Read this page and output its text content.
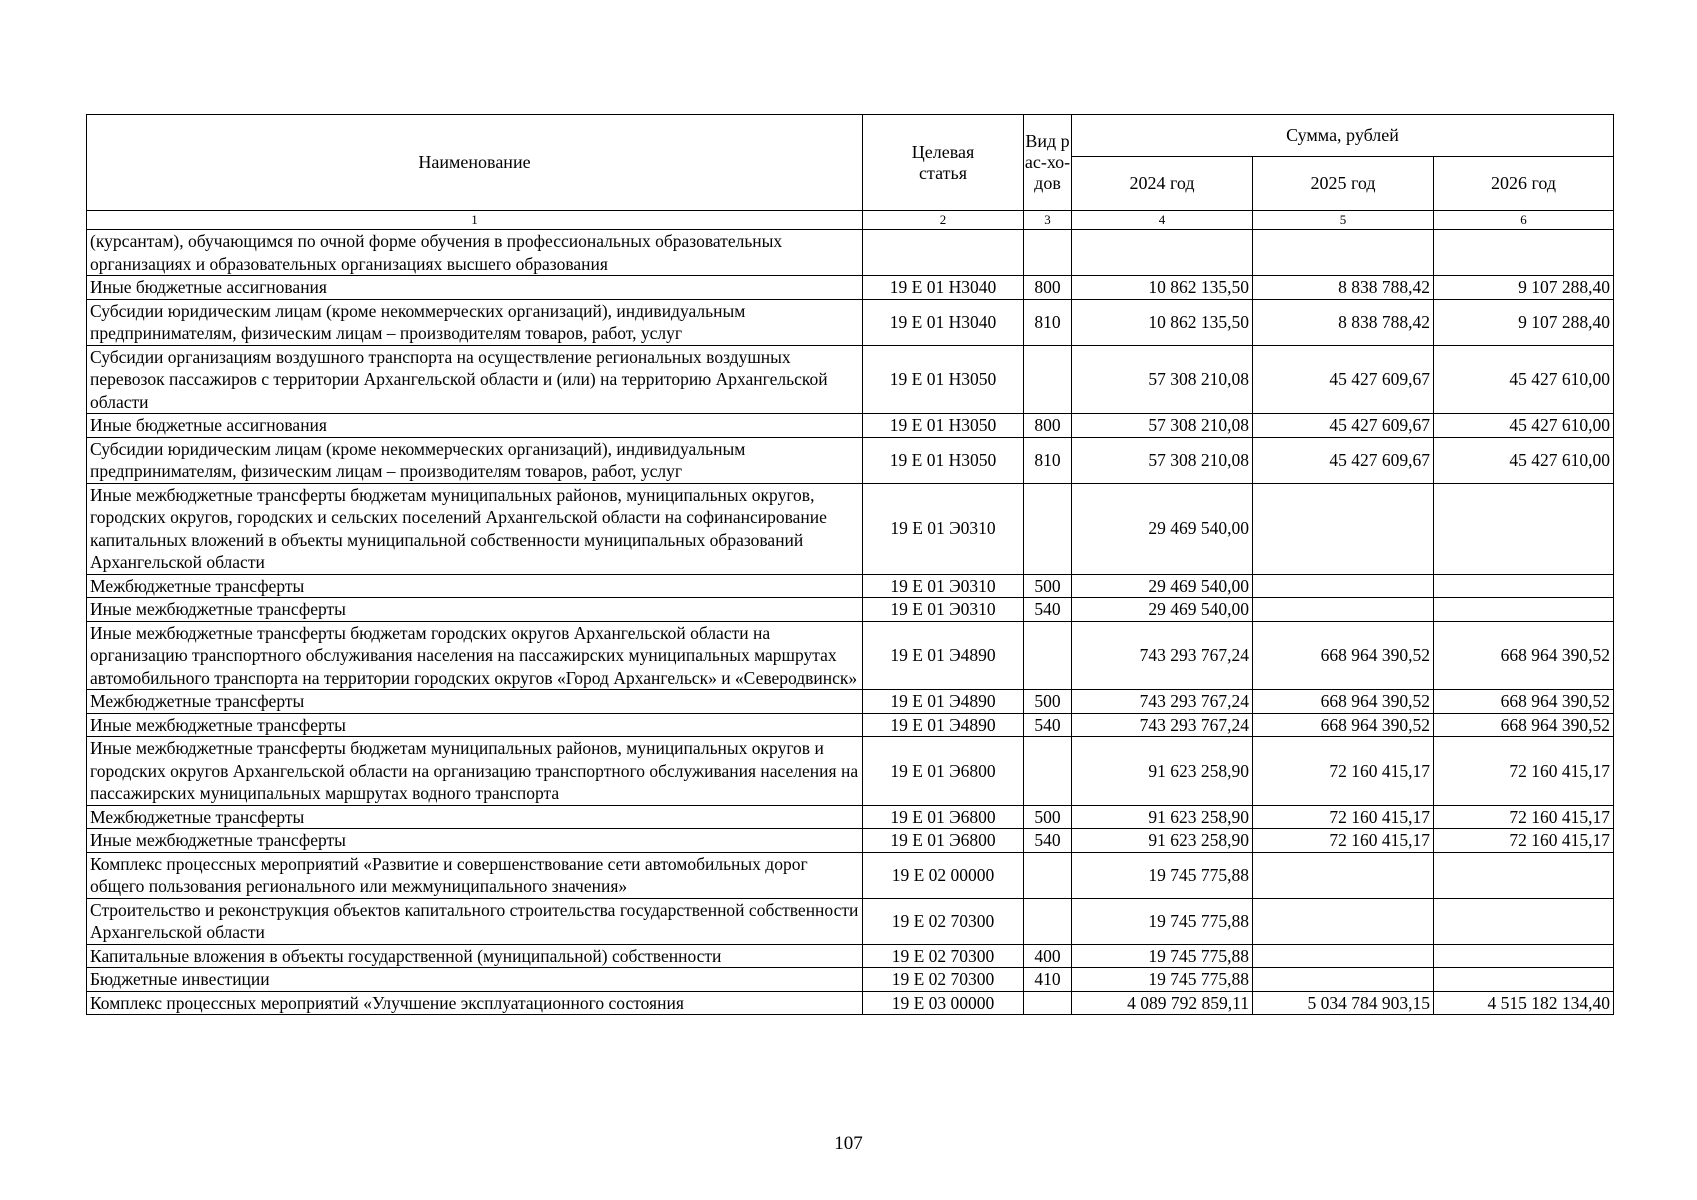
Наименование	Целевая статья	Вид рас-хо-дов	Сумма, рублей		
			2024 год	2025 год	2026 год
1	2	3	4	5	6
(курсантам), обучающимся по очной форме обучения в профессиональных образовательных организациях и образовательных организациях высшего образования					
Иные бюджетные ассигнования	19 Е 01 Н3040	800	10 862 135,50	8 838 788,42	9 107 288,40
Субсидии юридическим лицам (кроме некоммерческих организаций), индивидуальным предпринимателям, физическим лицам – производителям товаров, работ, услуг	19 Е 01 Н3040	810	10 862 135,50	8 838 788,42	9 107 288,40
Субсидии организациям воздушного транспорта на осуществление региональных воздушных перевозок пассажиров с территории Архангельской области и (или) на территорию Архангельской области	19 Е 01 Н3050		57 308 210,08	45 427 609,67	45 427 610,00
Иные бюджетные ассигнования	19 Е 01 Н3050	800	57 308 210,08	45 427 609,67	45 427 610,00
Субсидии юридическим лицам (кроме некоммерческих организаций), индивидуальным предпринимателям, физическим лицам – производителям товаров, работ, услуг	19 Е 01 Н3050	810	57 308 210,08	45 427 609,67	45 427 610,00
Иные межбюджетные трансферты бюджетам муниципальных районов, муниципальных округов, городских округов, городских и сельских поселений Архангельской области на софинансирование капитальных вложений в объекты муниципальной собственности муниципальных образований Архангельской области	19 Е 01 Э0310		29 469 540,00		
Межбюджетные трансферты	19 Е 01 Э0310	500	29 469 540,00		
Иные межбюджетные трансферты	19 Е 01 Э0310	540	29 469 540,00		
Иные межбюджетные трансферты бюджетам городских округов Архангельской области на организацию транспортного обслуживания населения на пассажирских муниципальных маршрутах автомобильного транспорта на территории городских округов «Город Архангельск» и «Северодвинск»	19 Е 01 Э4890		743 293 767,24	668 964 390,52	668 964 390,52
Межбюджетные трансферты	19 Е 01 Э4890	500	743 293 767,24	668 964 390,52	668 964 390,52
Иные межбюджетные трансферты	19 Е 01 Э4890	540	743 293 767,24	668 964 390,52	668 964 390,52
Иные межбюджетные трансферты бюджетам муниципальных районов, муниципальных округов и городских округов Архангельской области на организацию транспортного обслуживания населения на пассажирских муниципальных маршрутах водного транспорта	19 Е 01 Э6800		91 623 258,90	72 160 415,17	72 160 415,17
Межбюджетные трансферты	19 Е 01 Э6800	500	91 623 258,90	72 160 415,17	72 160 415,17
Иные межбюджетные трансферты	19 Е 01 Э6800	540	91 623 258,90	72 160 415,17	72 160 415,17
Комплекс процессных мероприятий «Развитие и совершенствование сети автомобильных дорог общего пользования регионального или межмуниципального значения»	19 Е 02 00000		19 745 775,88		
Строительство и реконструкция объектов капитального строительства государственной собственности Архангельской области	19 Е 02 70300		19 745 775,88		
Капитальные вложения в объекты государственной (муниципальной) собственности	19 Е 02 70300	400	19 745 775,88		
Бюджетные инвестиции	19 Е 02 70300	410	19 745 775,88		
Комплекс процессных мероприятий «Улучшение эксплуатационного состояния	19 Е 03 00000		4 089 792 859,11	5 034 784 903,15	4 515 182 134,40
107
